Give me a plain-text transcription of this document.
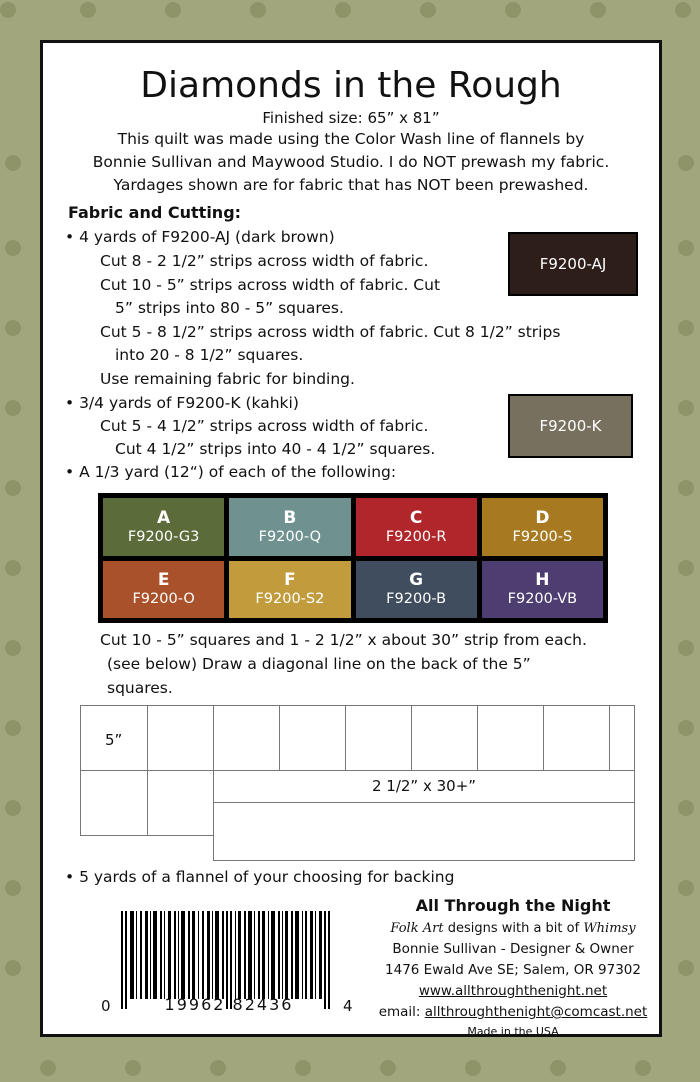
Diamonds in the Rough
Finished size: 65” x 81”
This quilt was made using the Color Wash line of flannels by
Bonnie Sullivan and Maywood Studio. I do NOT prewash my fabric.
Yardages shown are for fabric that has NOT been prewashed.
Fabric and Cutting:
• 4 yards of F9200-AJ (dark brown)
Cut 8 - 2 1/2” strips across width of fabric.
Cut 10 - 5” strips across width of fabric. Cut
5” strips into 80 - 5” squares.
Cut 5 - 8 1/2” strips across width of fabric. Cut 8 1/2” strips
into 20 - 8 1/2” squares.
Use remaining fabric for binding.
F9200-AJ
• 3/4 yards of F9200-K (kahki)
Cut 5 - 4 1/2” strips across width of fabric.
Cut 4 1/2” strips into 40 - 4 1/2” squares.
F9200-K
• A 1/3 yard (12“) of each of the following:
A
F9200-G3
B
F9200-Q
C
F9200-R
D
F9200-S
E
F9200-O
F
F9200-S2
G
F9200-B
H
F9200-VB
Cut 10 - 5” squares and 1 - 2 1/2” x about 30” strip from each.
(see below) Draw a diagonal line on the back of the 5”
squares.
5”
2 1/2” x 30+”
• 5 yards of a flannel of your choosing for backing
0	19962 82436	4
All Through the Night
Folk Art designs with a bit of Whimsy
Bonnie Sullivan - Designer & Owner
1476 Ewald Ave SE; Salem, OR 97302
www.allthroughthenight.net
email: allthroughthenight@comcast.net
Made in the USA
